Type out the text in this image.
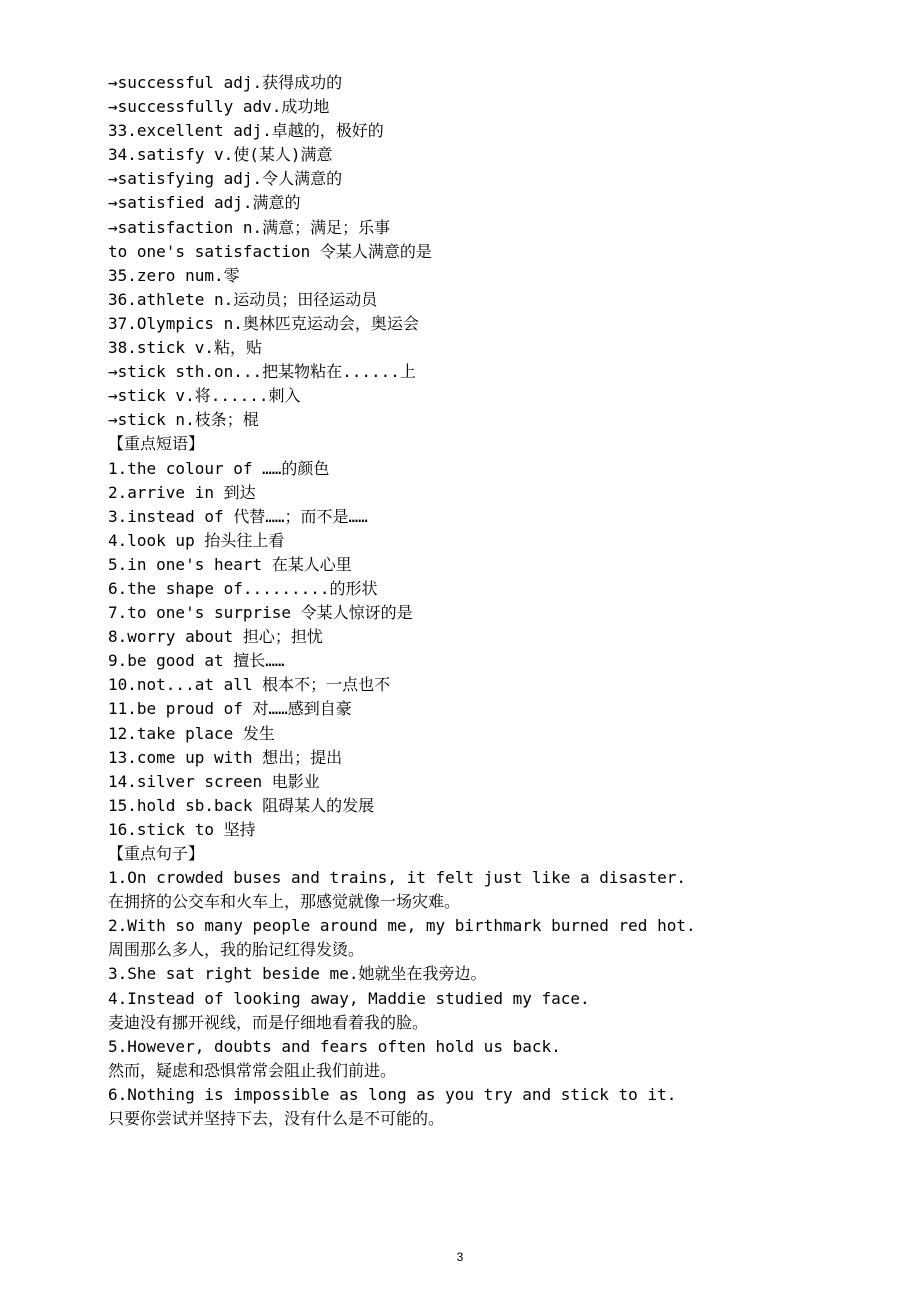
→successful adj.获得成功的
→successfully adv.成功地
33.excellent adj.卓越的，极好的
34.satisfy v.使(某人)满意
→satisfying adj.令人满意的
→satisfied adj.满意的
→satisfaction n.满意；满足；乐事
to one's satisfaction 令某人满意的是
35.zero num.零
36.athlete n.运动员；田径运动员
37.Olympics n.奥林匹克运动会，奥运会
38.stick v.粘，贴
→stick sth.on...把某物粘在......上
→stick v.将......刺入
→stick n.枝条；棍
【重点短语】
1.the colour of ……的颜色
2.arrive in 到达
3.instead of 代替……；而不是……
4.look up 抬头往上看
5.in one's heart 在某人心里
6.the shape of.........的形状
7.to one's surprise 令某人惊讶的是
8.worry about 担心；担忧
9.be good at 擅长……
10.not...at all 根本不；一点也不
11.be proud of 对……感到自豪
12.take place 发生
13.come up with 想出；提出
14.silver screen 电影业
15.hold sb.back 阻碍某人的发展
16.stick to 坚持
【重点句子】
1.On crowded buses and trains, it felt just like a disaster.
在拥挤的公交车和火车上，那感觉就像一场灾难。
2.With so many people around me, my birthmark burned red hot.
周围那么多人，我的胎记红得发烫。
3.She sat right beside me.她就坐在我旁边。
4.Instead of looking away, Maddie studied my face.
麦迪没有挪开视线，而是仔细地看着我的脸。
5.However, doubts and fears often hold us back.
然而，疑虑和恐惧常常会阻止我们前进。
6.Nothing is impossible as long as you try and stick to it.
只要你尝试并坚持下去，没有什么是不可能的。
3
